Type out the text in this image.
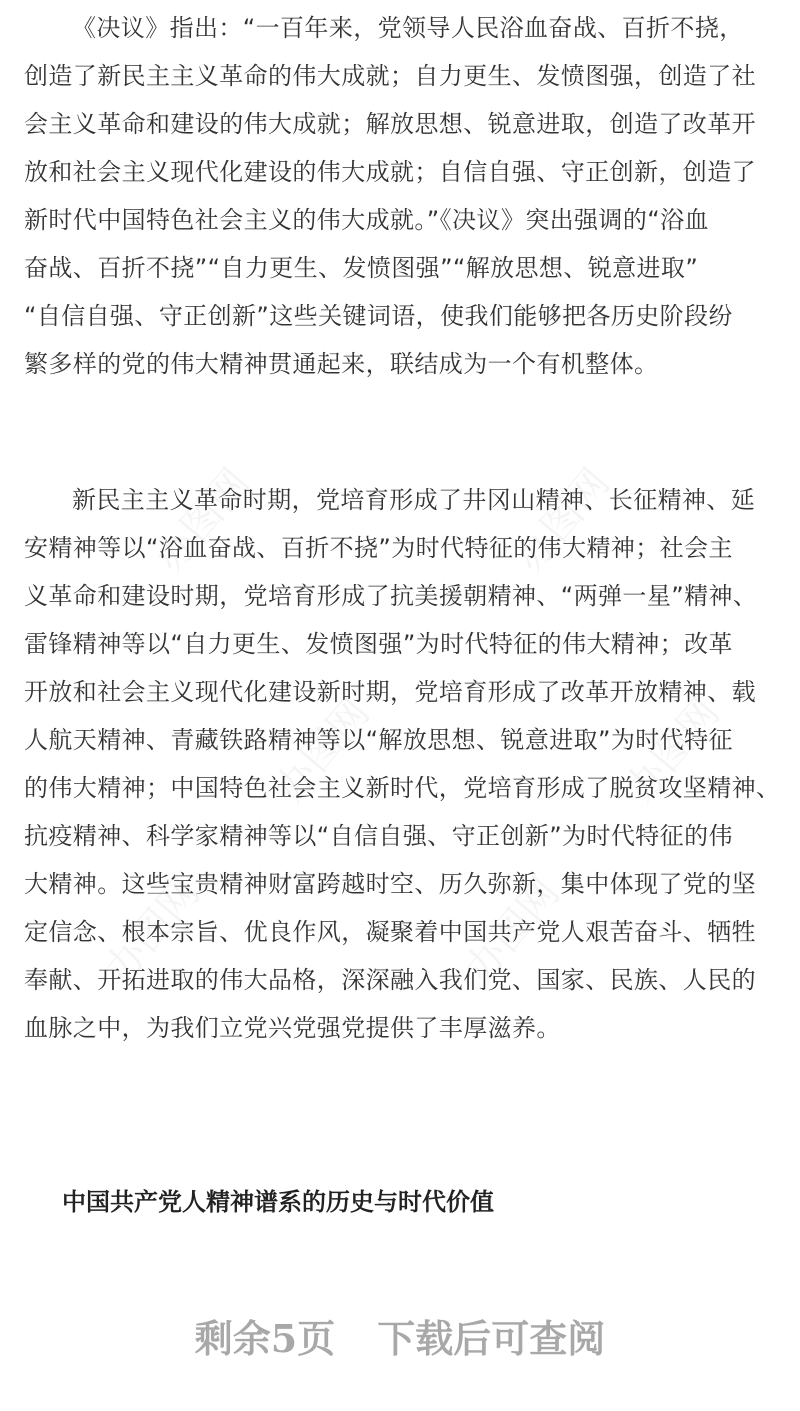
办图网	办图网
办图网	办图网
办图网	办图网
《决议》指出：“一百年来，党领导人民浴血奋战、百折不挠，
创造了新民主主义革命的伟大成就；自力更生、发愤图强，创造了社
会主义革命和建设的伟大成就；解放思想、锐意进取，创造了改革开
放和社会主义现代化建设的伟大成就；自信自强、守正创新，创造了
新时代中国特色社会主义的伟大成就。”《决议》突出强调的“浴血
奋战、百折不挠”“自力更生、发愤图强”“解放思想、锐意进取”
“自信自强、守正创新”这些关键词语，使我们能够把各历史阶段纷
繁多样的党的伟大精神贯通起来，联结成为一个有机整体。
新民主主义革命时期，党培育形成了井冈山精神、长征精神、延
安精神等以“浴血奋战、百折不挠”为时代特征的伟大精神；社会主
义革命和建设时期，党培育形成了抗美援朝精神、“两弹一星”精神、
雷锋精神等以“自力更生、发愤图强”为时代特征的伟大精神；改革
开放和社会主义现代化建设新时期，党培育形成了改革开放精神、载
人航天精神、青藏铁路精神等以“解放思想、锐意进取”为时代特征
的伟大精神；中国特色社会主义新时代，党培育形成了脱贫攻坚精神、
抗疫精神、科学家精神等以“自信自强、守正创新”为时代特征的伟
大精神。这些宝贵精神财富跨越时空、历久弥新，集中体现了党的坚
定信念、根本宗旨、优良作风，凝聚着中国共产党人艰苦奋斗、牺牲
奉献、开拓进取的伟大品格，深深融入我们党、国家、民族、人民的
血脉之中，为我们立党兴党强党提供了丰厚滋养。
中国共产党人精神谱系的历史与时代价值
剩余5页 下载后可查阅
